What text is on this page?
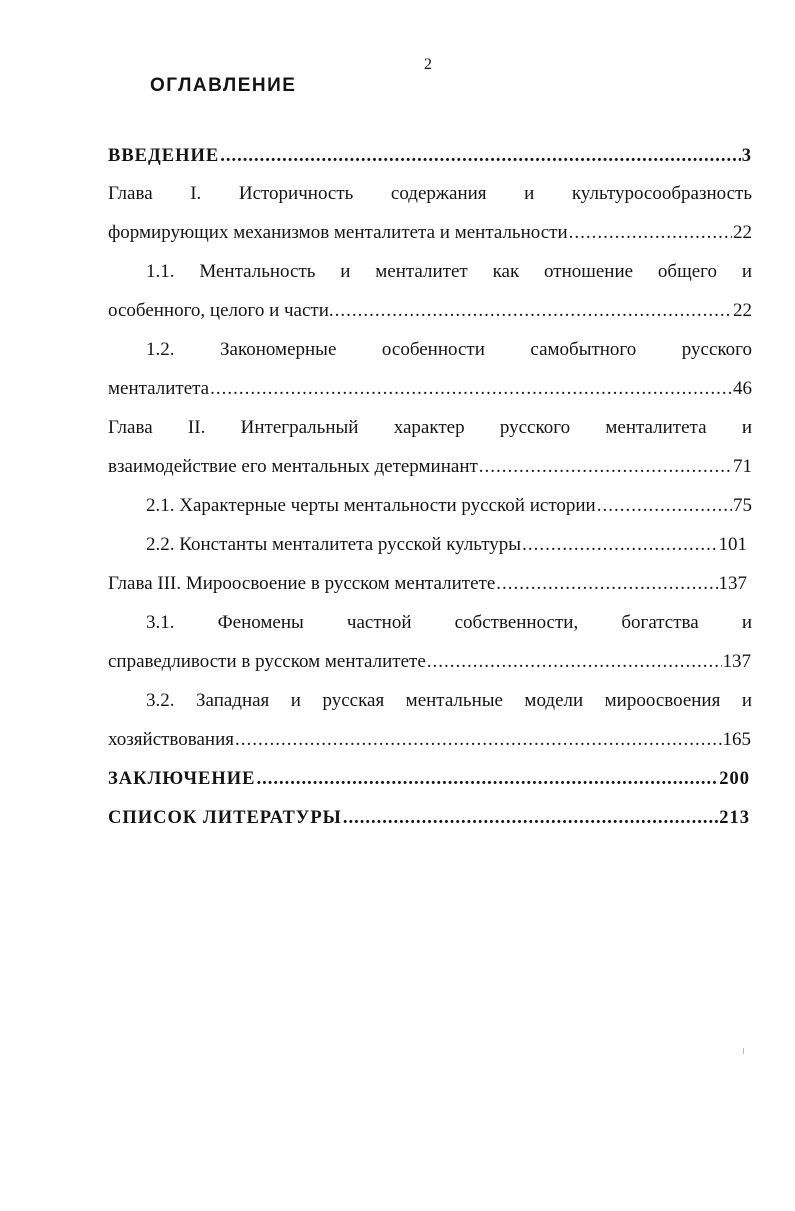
2
ОГЛАВЛЕНИЕ
ВВЕДЕНИЕ .....	3
Глава I. Историчность содержания и культуросообразность
формирующих механизмов менталитета и ментальности .....	22
1.1. Ментальность и менталитет как отношение общего и
особенного, целого и части. .....	22
1.2. Закономерные особенности самобытного русского
менталитета .....	46
Глава II. Интегральный характер русского менталитета и
взаимодействие его ментальных детерминант .....	71
2.1. Характерные черты ментальности русской истории .....	75
2.2. Константы менталитета русской культуры .....	101
Глава III. Мироосвоение в русском менталитете .....	137
3.1. Феномены частной собственности, богатства и
справедливости в русском менталитете .....	137
3.2. Западная и русская ментальные модели мироосвоения и
хозяйствования .....	165
ЗАКЛЮЧЕНИЕ .....	200
СПИСОК ЛИТЕРАТУРЫ .....	213
